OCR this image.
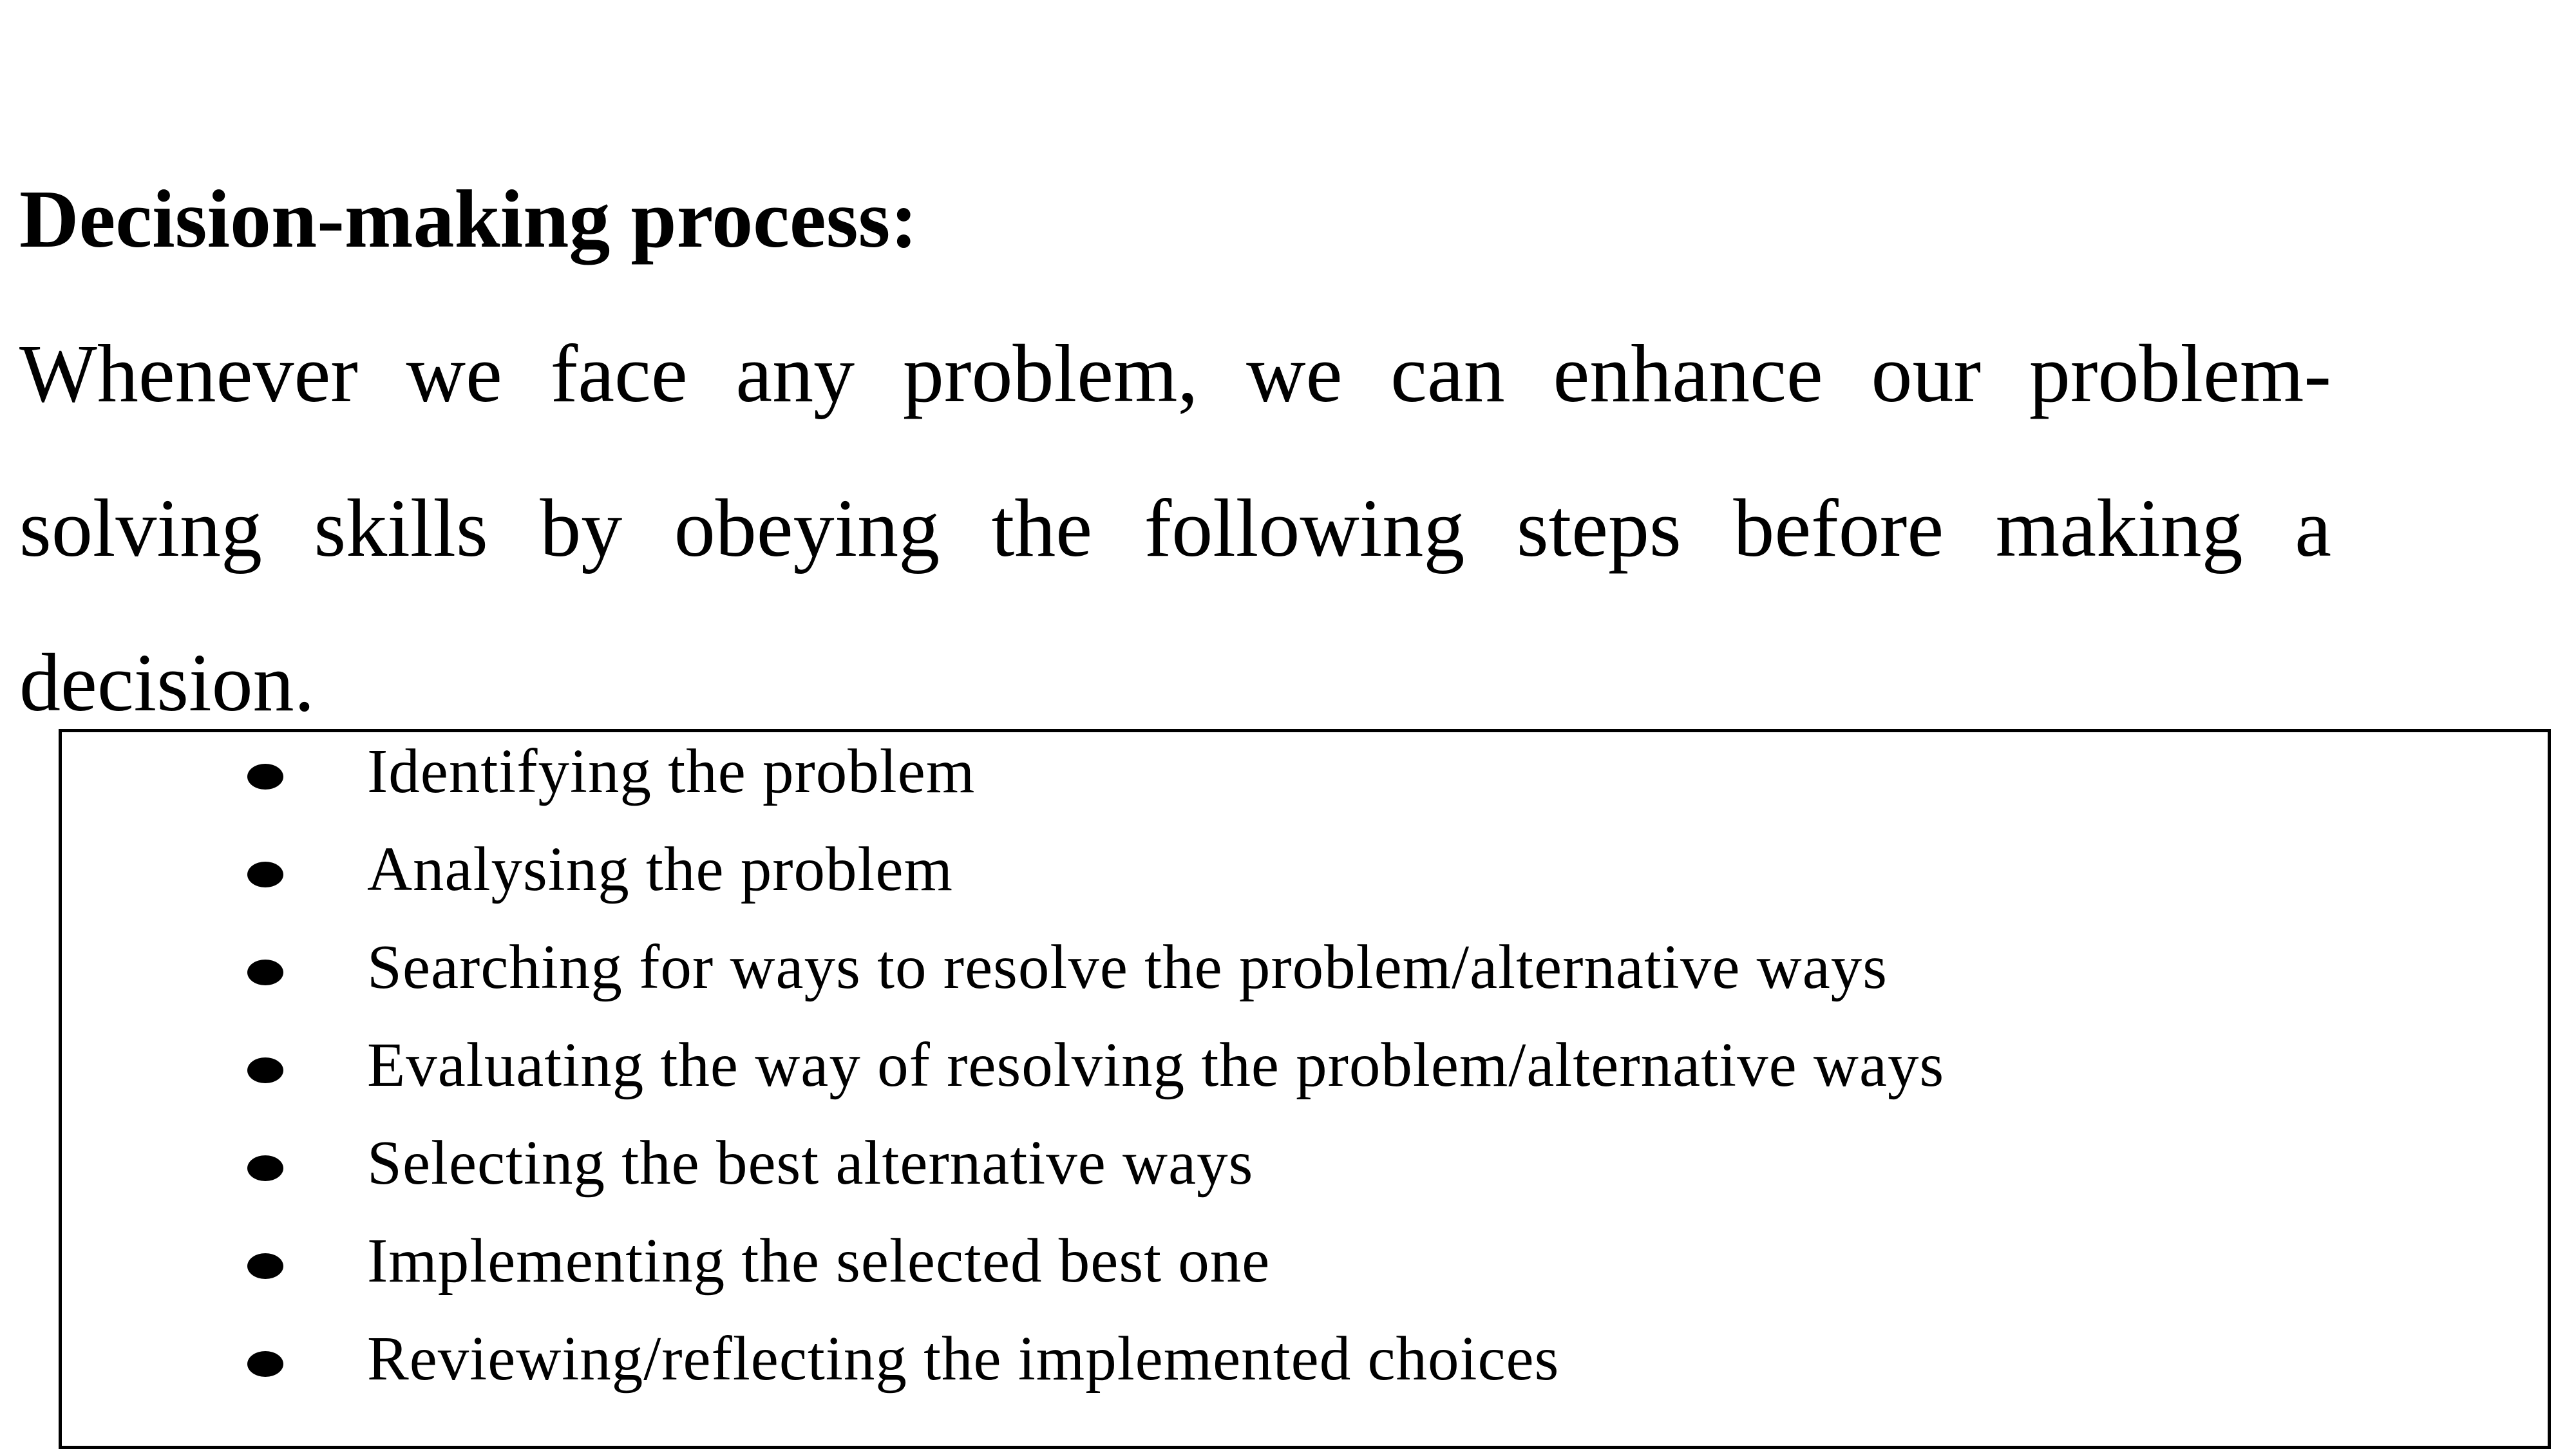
Decision-making process:
Whenever we face any problem, we can enhance our problem-
solving skills by obeying the following steps before making a
decision.
Identifying the problem
Analysing the problem
Searching for ways to resolve the problem/alternative ways
Evaluating the way of resolving the problem/alternative ways
Selecting the best alternative ways
Implementing the selected best one
Reviewing/reflecting the implemented choices
